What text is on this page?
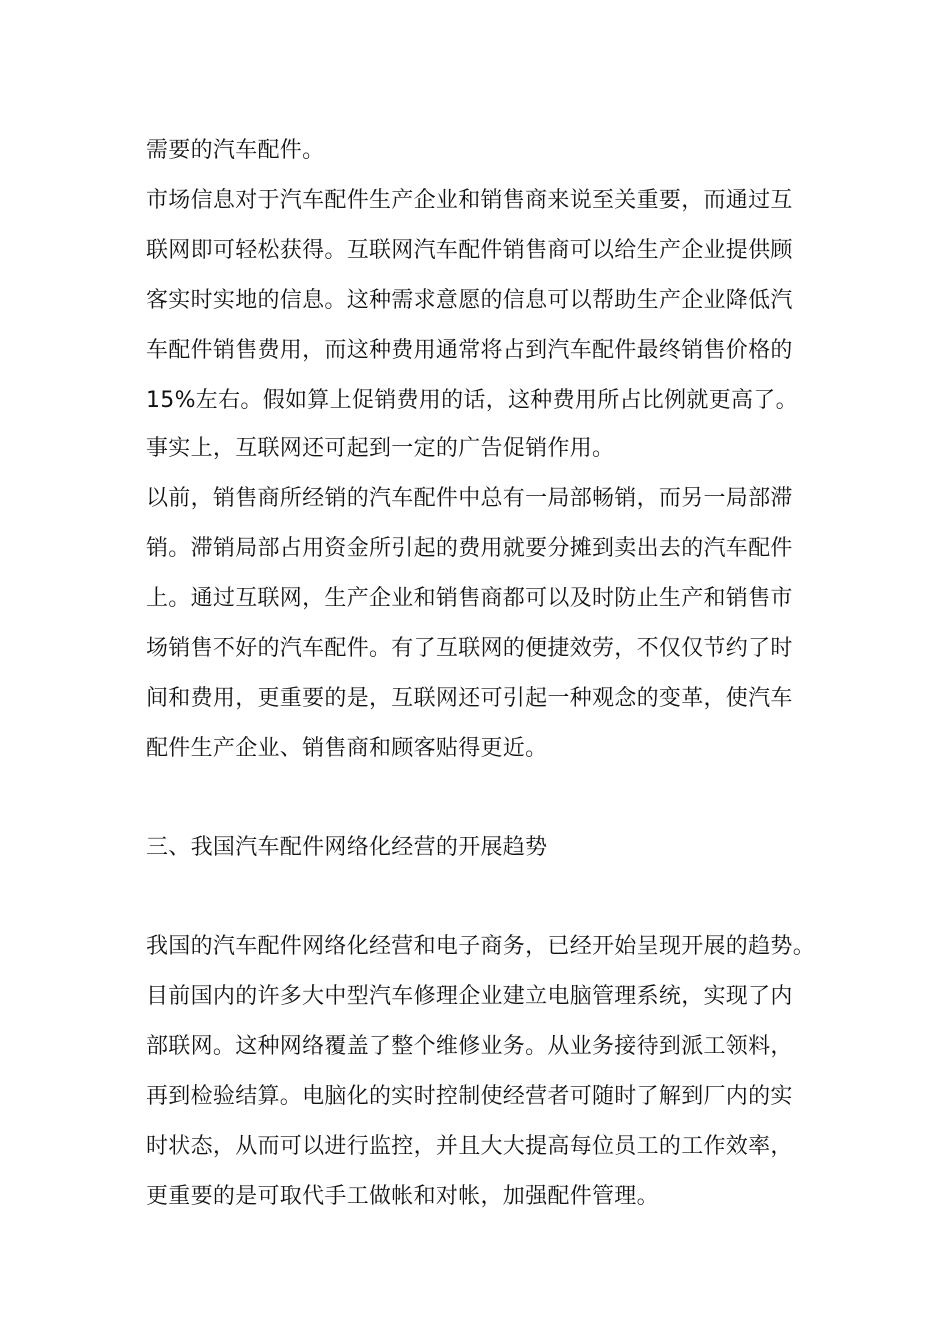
需要的汽车配件。
市场信息对于汽车配件生产企业和销售商来说至关重要，而通过互
联网即可轻松获得。互联网汽车配件销售商可以给生产企业提供顾
客实时实地的信息。这种需求意愿的信息可以帮助生产企业降低汽
车配件销售费用，而这种费用通常将占到汽车配件最终销售价格的
15%左右。假如算上促销费用的话，这种费用所占比例就更高了。
事实上，互联网还可起到一定的广告促销作用。
以前，销售商所经销的汽车配件中总有一局部畅销，而另一局部滞
销。滞销局部占用资金所引起的费用就要分摊到卖出去的汽车配件
上。通过互联网，生产企业和销售商都可以及时防止生产和销售市
场销售不好的汽车配件。有了互联网的便捷效劳，不仅仅节约了时
间和费用，更重要的是，互联网还可引起一种观念的变革，使汽车
配件生产企业、销售商和顾客贴得更近。
三、我国汽车配件网络化经营的开展趋势
我国的汽车配件网络化经营和电子商务，已经开始呈现开展的趋势。
目前国内的许多大中型汽车修理企业建立电脑管理系统，实现了内
部联网。这种网络覆盖了整个维修业务。从业务接待到派工领料，
再到检验结算。电脑化的实时控制使经营者可随时了解到厂内的实
时状态，从而可以进行监控，并且大大提高每位员工的工作效率，
更重要的是可取代手工做帐和对帐，加强配件管理。
